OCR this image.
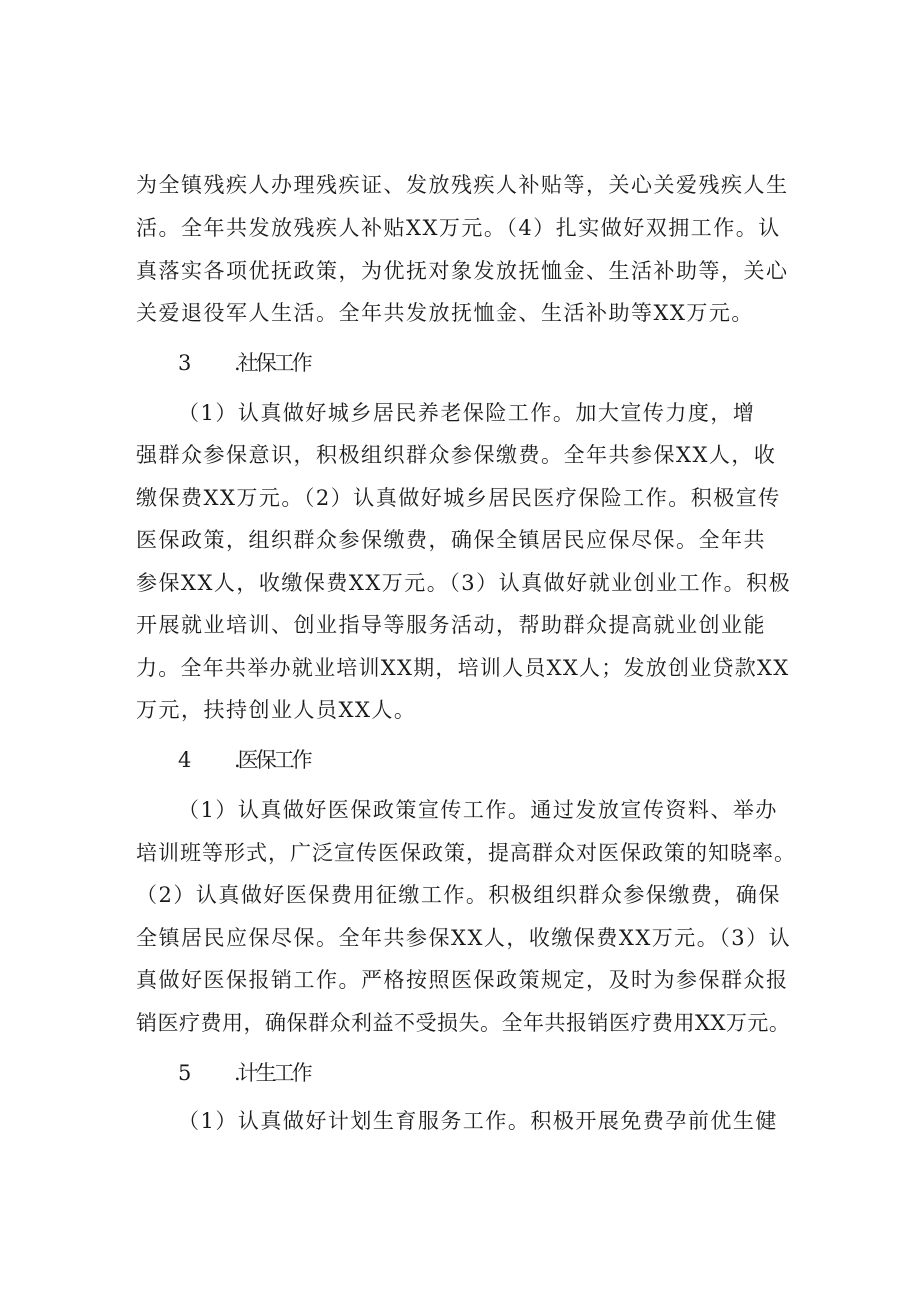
为全镇残疾人办理残疾证、发放残疾人补贴等，关心关爱残疾人生
活。全年共发放残疾人补贴XX万元。（4）扎实做好双拥工作。认
真落实各项优抚政策，为优抚对象发放抚恤金、生活补助等，关心
关爱退役军人生活。全年共发放抚恤金、生活补助等XX万元。
3 .社保工作
（1）认真做好城乡居民养老保险工作。加大宣传力度，增
强群众参保意识，积极组织群众参保缴费。全年共参保XX人，收
缴保费XX万元。（2）认真做好城乡居民医疗保险工作。积极宣传
医保政策，组织群众参保缴费，确保全镇居民应保尽保。全年共
参保XX人，收缴保费XX万元。（3）认真做好就业创业工作。积极
开展就业培训、创业指导等服务活动，帮助群众提高就业创业能
力。全年共举办就业培训XX期，培训人员XX人；发放创业贷款XX
万元，扶持创业人员XX人。
4 .医保工作
（1）认真做好医保政策宣传工作。通过发放宣传资料、举办
培训班等形式，广泛宣传医保政策，提高群众对医保政策的知晓率。
（2）认真做好医保费用征缴工作。积极组织群众参保缴费，确保
全镇居民应保尽保。全年共参保XX人，收缴保费XX万元。（3）认
真做好医保报销工作。严格按照医保政策规定，及时为参保群众报
销医疗费用，确保群众利益不受损失。全年共报销医疗费用XX万元。
5 .计生工作
（1）认真做好计划生育服务工作。积极开展免费孕前优生健
